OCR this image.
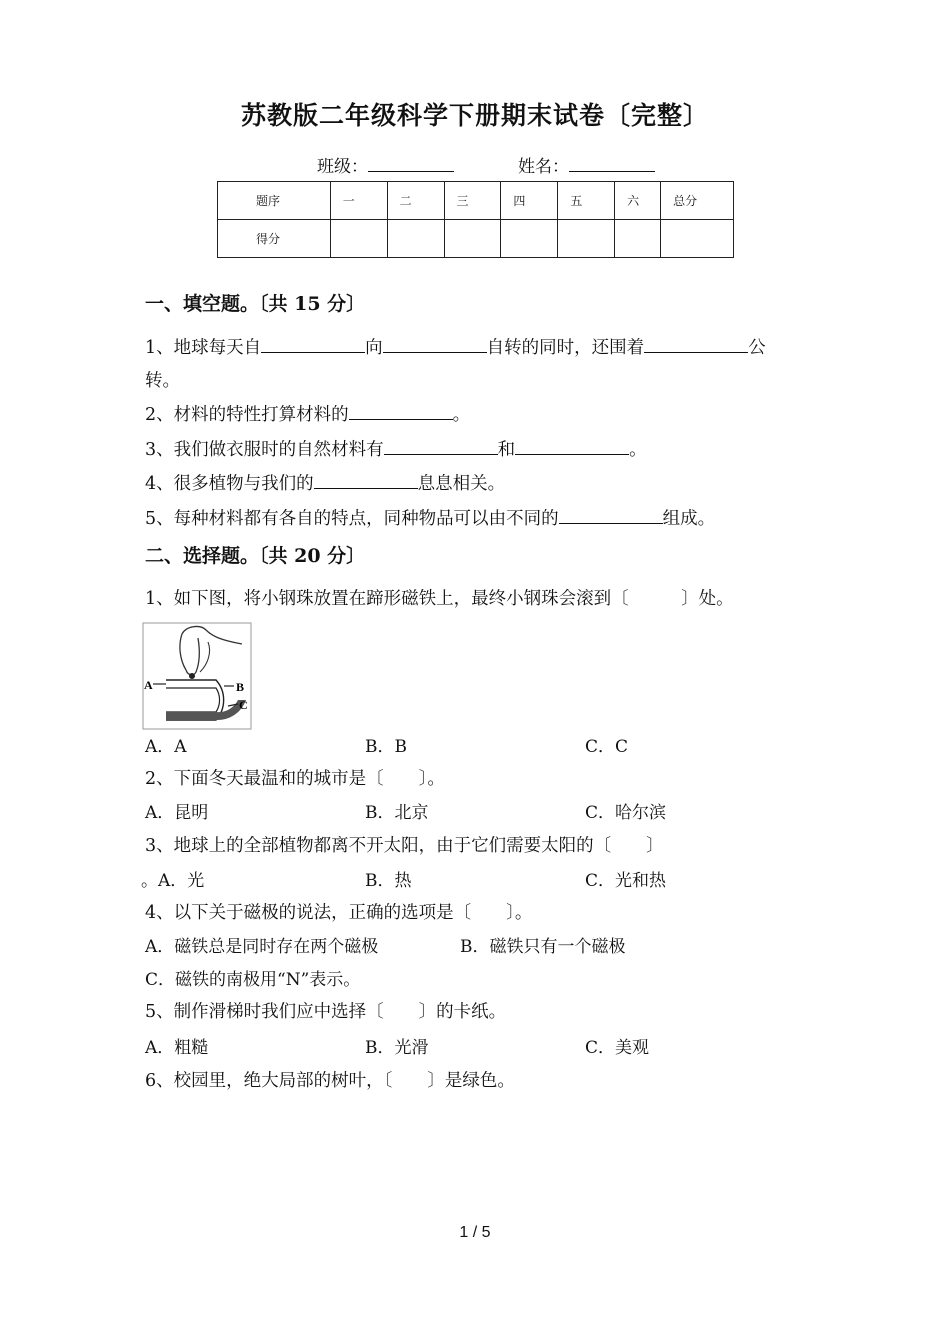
苏教版二年级科学下册期末试卷〔完整〕
班级：	姓名：
题序	一	二	三	四	五	六	总分
得分							
一、填空题。〔共 15 分〕
1、地球每天自	向	自转的同时，还围着	公
转。
2、材料的特性打算材料的	。
3、我们做衣服时的自然材料有	和	。
4、很多植物与我们的	息息相关。
5、每种材料都有各自的特点，同种物品可以由不同的	组成。
二、选择题。〔共 20 分〕
1、如下图，将小钢珠放置在蹄形磁铁上，最终小钢珠会滚到〔　　　〕处。
A	B
C
A．A	B．B	C．C
2、下面冬天最温和的城市是〔　　〕。
A．昆明	B．北京	C．哈尔滨
3、地球上的全部植物都离不开太阳，由于它们需要太阳的〔　　〕
。A．光	B．热	C．光和热
4、以下关于磁极的说法，正确的选项是〔　　〕。
A．磁铁总是同时存在两个磁极	B．磁铁只有一个磁极
C．磁铁的南极用“N”表示。
5、制作滑梯时我们应中选择〔　　〕的卡纸。
A．粗糙	B．光滑	C．美观
6、校园里，绝大局部的树叶，〔　　〕是绿色。
1 / 5
